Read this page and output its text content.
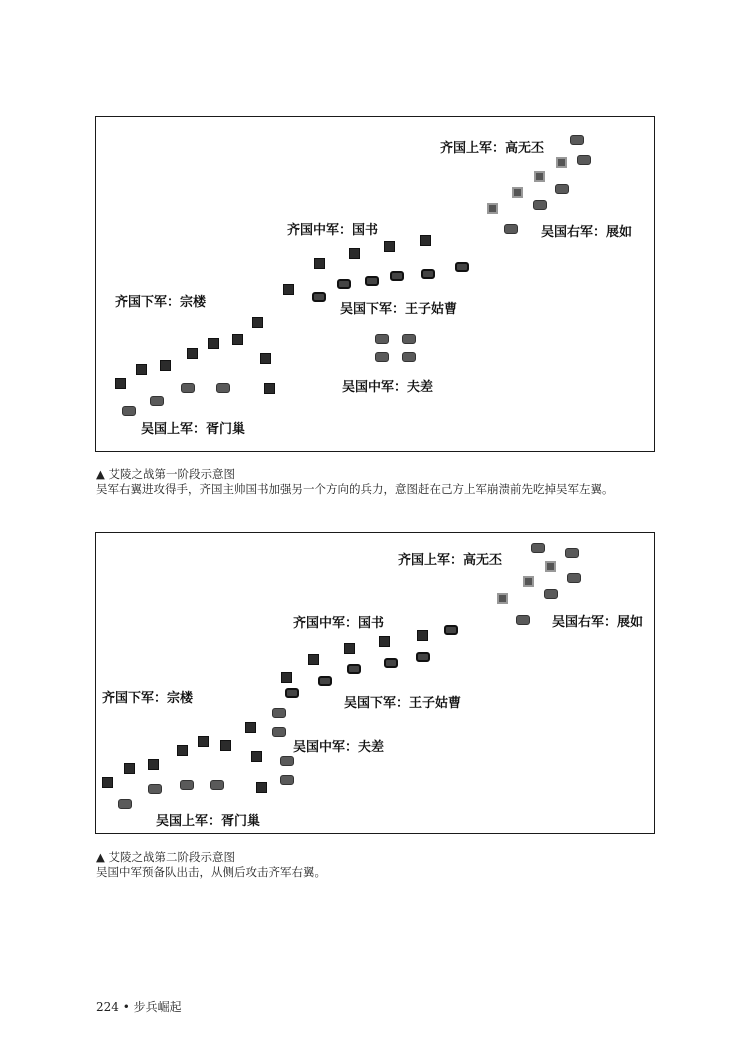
齐国上军：高无丕
齐国中军：国书
齐国下军：宗楼
吴国右军：展如
吴国下军：王子姑曹
吴国中军：夫差
吴国上军：胥门巢
▲ 艾陵之战第一阶段示意图
吴军右翼进攻得手，齐国主帅国书加强另一个方向的兵力，意图赶在己方上军崩溃前先吃掉吴军左翼。
齐国上军：高无丕
齐国中军：国书
齐国下军：宗楼
吴国右军：展如
吴国下军：王子姑曹
吴国中军：夫差
吴国上军：胥门巢
▲ 艾陵之战第二阶段示意图
吴国中军预备队出击，从侧后攻击齐军右翼。
224 • 步兵崛起
